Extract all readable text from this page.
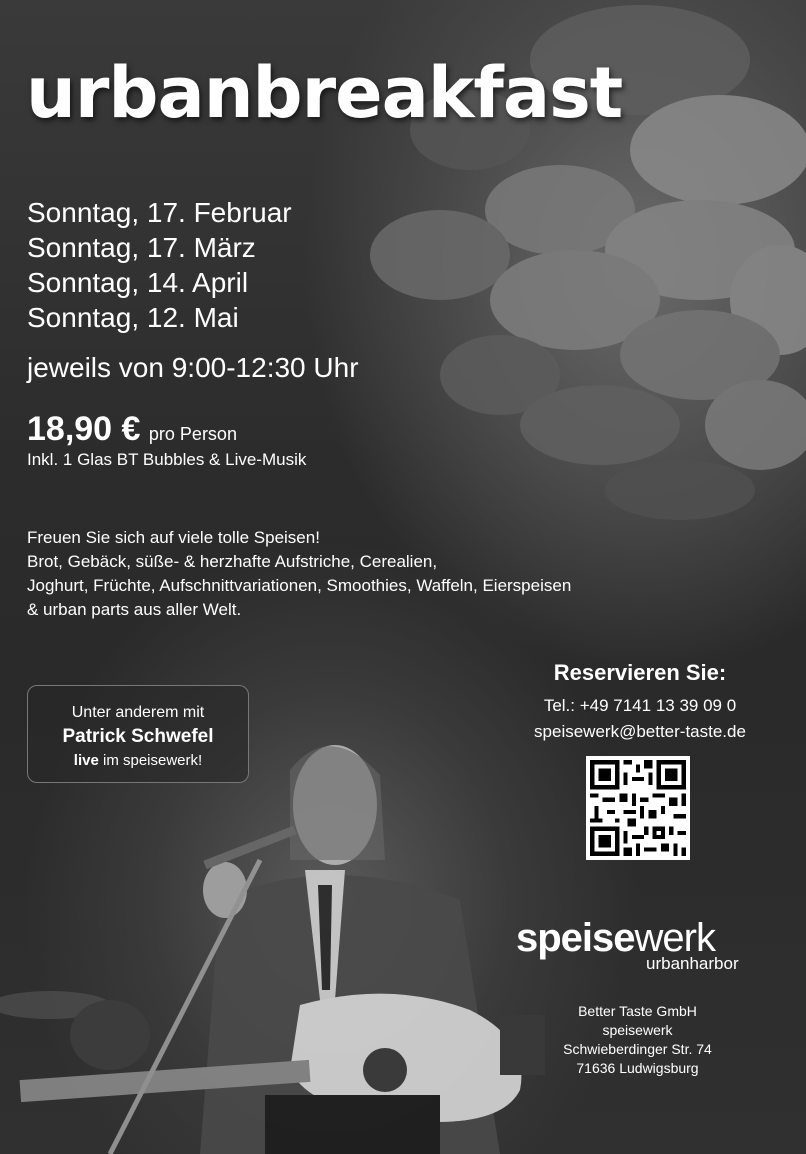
urbanbreakfast
Sonntag, 17. Februar
Sonntag, 17. März
Sonntag, 14. April
Sonntag, 12. Mai
jeweils von 9:00-12:30 Uhr
18,90 € pro Person
Inkl. 1 Glas BT Bubbles & Live-Musik
Freuen Sie sich auf viele tolle Speisen!
Brot, Gebäck, süße- & herzhafte Aufstriche, Cerealien,
Joghurt, Früchte, Aufschnittvariationen, Smoothies, Waffeln, Eierspeisen
& urban parts aus aller Welt.
Unter anderem mit
Patrick Schwefel
live im speisewerk!
Reservieren Sie:
Tel.: +49 7141 13 39 09 0
speisewerk@better-taste.de
speisewerk
urbanharbor
Better Taste GmbH
speisewerk
Schwieberdinger Str. 74
71636 Ludwigsburg
